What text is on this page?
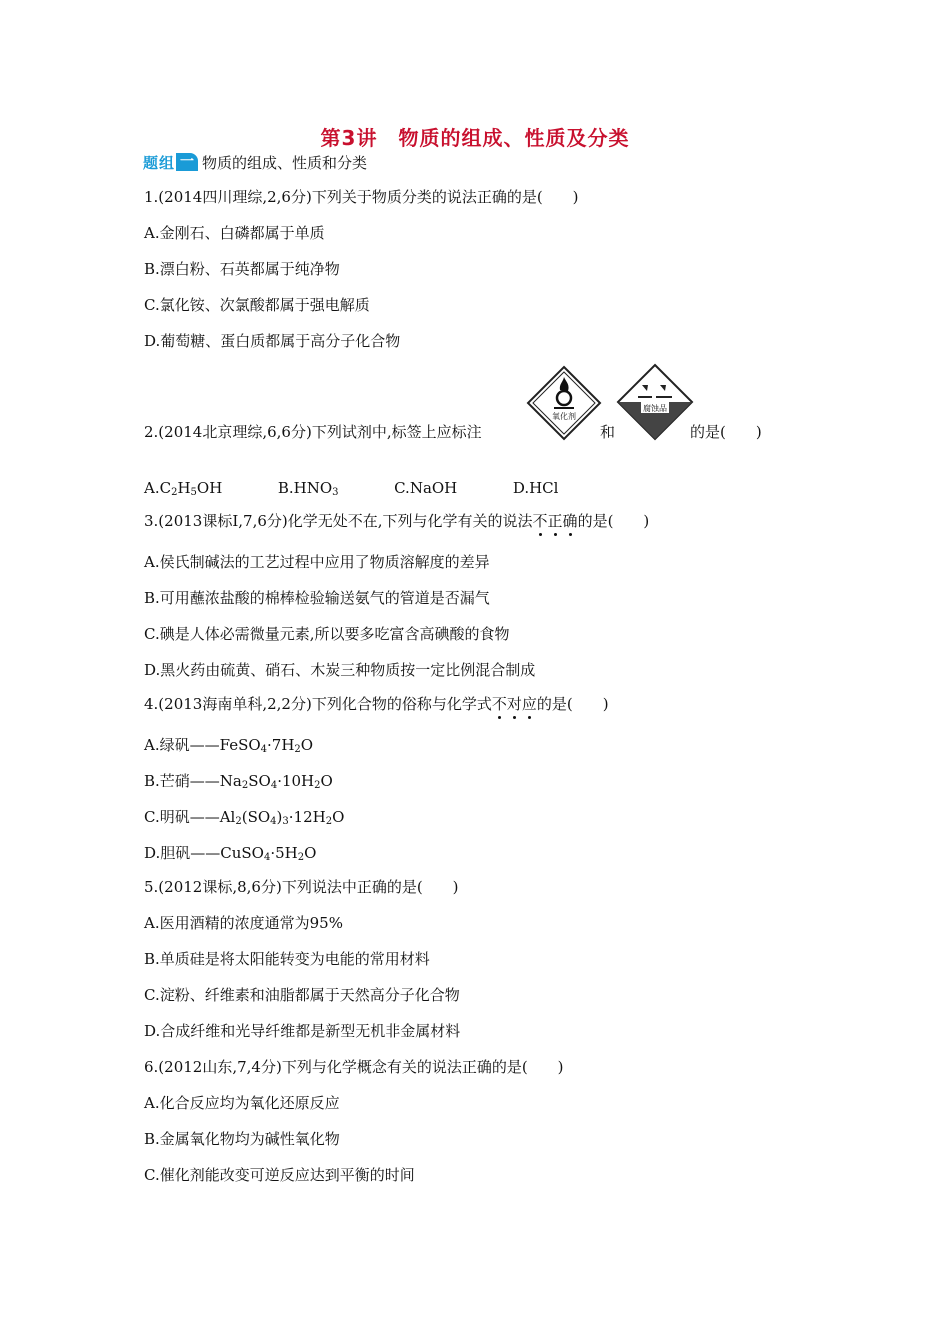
第3讲　物质的组成、性质及分类
题组 一 物质的组成、性质和分类
1.(2014四川理综,2,6分)下列关于物质分类的说法正确的是(　　)
A.金刚石、白磷都属于单质
B.漂白粉、石英都属于纯净物
C.氯化铵、次氯酸都属于强电解质
D.葡萄糖、蛋白质都属于高分子化合物
2.(2014北京理综,6,6分)下列试剂中,标签上应标注
氧化剂
和
腐蚀品
的是(　　)
$A.C_2H_5OH$	$B.HNO_3$	C.NaOH	D.HCl
3.(2013课标Ⅰ,7,6分)化学无处不在,下列与化学有关的说法不正确的是(　　)
A.侯氏制碱法的工艺过程中应用了物质溶解度的差异
B.可用蘸浓盐酸的棉棒检验输送氨气的管道是否漏气
C.碘是人体必需微量元素,所以要多吃富含高碘酸的食物
D.黑火药由硫黄、硝石、木炭三种物质按一定比例混合制成
4.(2013海南单科,2,2分)下列化合物的俗称与化学式不对应的是(　　)
A.绿矾$——FeSO_4\cdot 7H_2O$
B.芒硝$——Na_2SO_4\cdot 10H_2O$
C.明矾$——Al_2(SO_4)_3\cdot 12H_2O$
D.胆矾$——CuSO_4\cdot 5H_2O$
5.(2012课标,8,6分)下列说法中正确的是(　　)
A.医用酒精的浓度通常为95%
B.单质硅是将太阳能转变为电能的常用材料
C.淀粉、纤维素和油脂都属于天然高分子化合物
D.合成纤维和光导纤维都是新型无机非金属材料
6.(2012山东,7,4分)下列与化学概念有关的说法正确的是(　　)
A.化合反应均为氧化还原反应
B.金属氧化物均为碱性氧化物
C.催化剂能改变可逆反应达到平衡的时间
